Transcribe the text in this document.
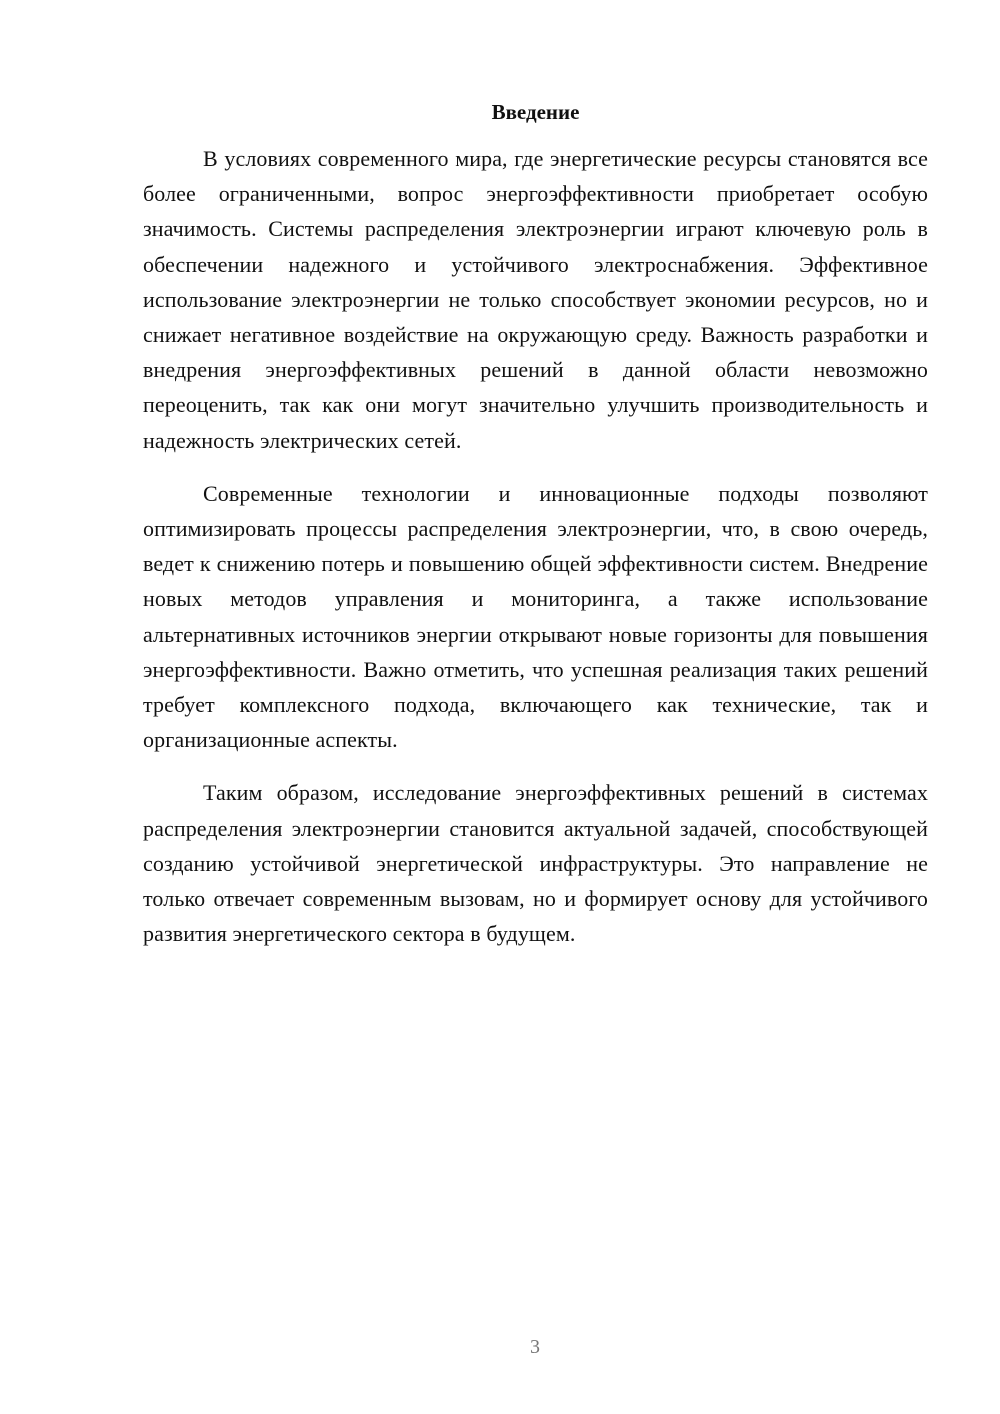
Введение

В условиях современного мира, где энергетические ресурсы становятся все более ограниченными, вопрос энергоэффективности приобретает особую значимость. Системы распределения электроэнергии играют ключевую роль в обеспечении надежного и устойчивого электроснабжения. Эффективное использование электроэнергии не только способствует экономии ресурсов, но и снижает негативное воздействие на окружающую среду. Важность разработки и внедрения энергоэффективных решений в данной области невозможно переоценить, так как они могут значительно улучшить производительность и надежность электрических сетей.

Современные технологии и инновационные подходы позволяют оптимизировать процессы распределения электроэнергии, что, в свою очередь, ведет к снижению потерь и повышению общей эффективности систем. Внедрение новых методов управления и мониторинга, а также использование альтернативных источников энергии открывают новые горизонты для повышения энергоэффективности. Важно отметить, что успешная реализация таких решений требует комплексного подхода, включающего как технические, так и организационные аспекты.

Таким образом, исследование энергоэффективных решений в системах распределения электроэнергии становится актуальной задачей, способствующей созданию устойчивой энергетической инфраструктуры. Это направление не только отвечает современным вызовам, но и формирует основу для устойчивого развития энергетического сектора в будущем.

3
